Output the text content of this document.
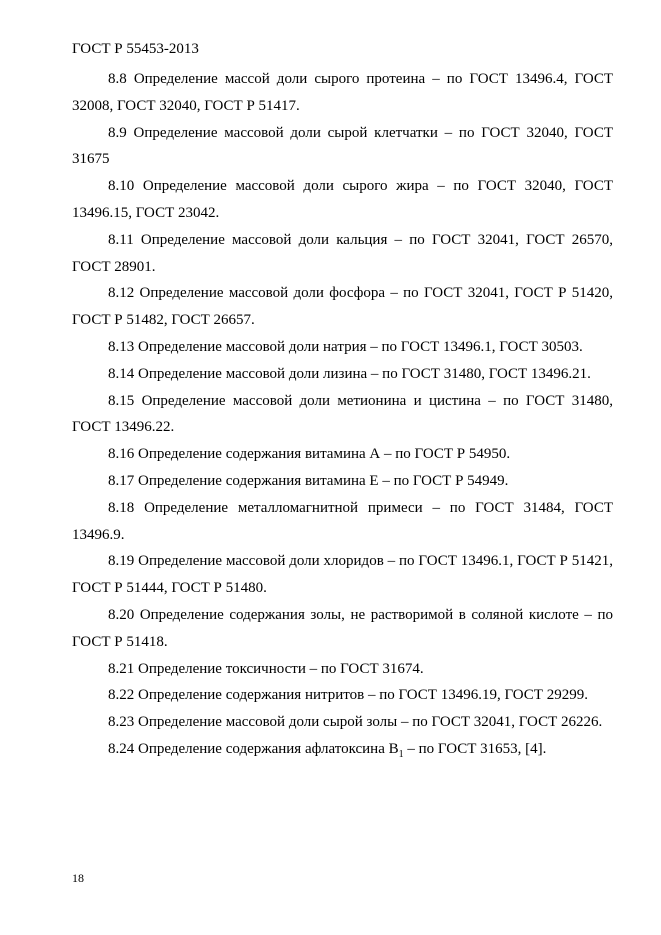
ГОСТ Р 55453-2013

8.8 Определение массой доли сырого протеина – по ГОСТ 13496.4, ГОСТ 32008, ГОСТ 32040, ГОСТ Р 51417.

8.9 Определение массовой доли сырой клетчатки – по ГОСТ 32040, ГОСТ 31675

8.10 Определение массовой доли сырого жира – по ГОСТ 32040, ГОСТ 13496.15, ГОСТ 23042.

8.11 Определение массовой доли кальция – по ГОСТ 32041, ГОСТ 26570, ГОСТ 28901.

8.12 Определение массовой доли фосфора – по ГОСТ 32041, ГОСТ Р 51420, ГОСТ Р 51482, ГОСТ 26657.

8.13 Определение массовой доли натрия – по ГОСТ 13496.1, ГОСТ 30503.

8.14 Определение массовой доли лизина – по ГОСТ 31480, ГОСТ 13496.21.

8.15 Определение массовой доли метионина и цистина – по ГОСТ 31480, ГОСТ 13496.22.

8.16 Определение содержания витамина А – по ГОСТ Р 54950.

8.17 Определение содержания витамина Е – по ГОСТ Р 54949.

8.18 Определение металломагнитной примеси – по ГОСТ 31484, ГОСТ 13496.9.

8.19 Определение массовой доли хлоридов – по ГОСТ 13496.1, ГОСТ Р 51421, ГОСТ Р 51444, ГОСТ Р 51480.

8.20 Определение содержания золы, не растворимой в соляной кислоте – по ГОСТ Р 51418.

8.21 Определение токсичности – по ГОСТ 31674.

8.22 Определение содержания нитритов – по ГОСТ 13496.19, ГОСТ 29299.

8.23 Определение массовой доли сырой золы – по ГОСТ 32041, ГОСТ 26226.

8.24 Определение содержания афлатоксина $B_1$ – по ГОСТ 31653, [4].

18
